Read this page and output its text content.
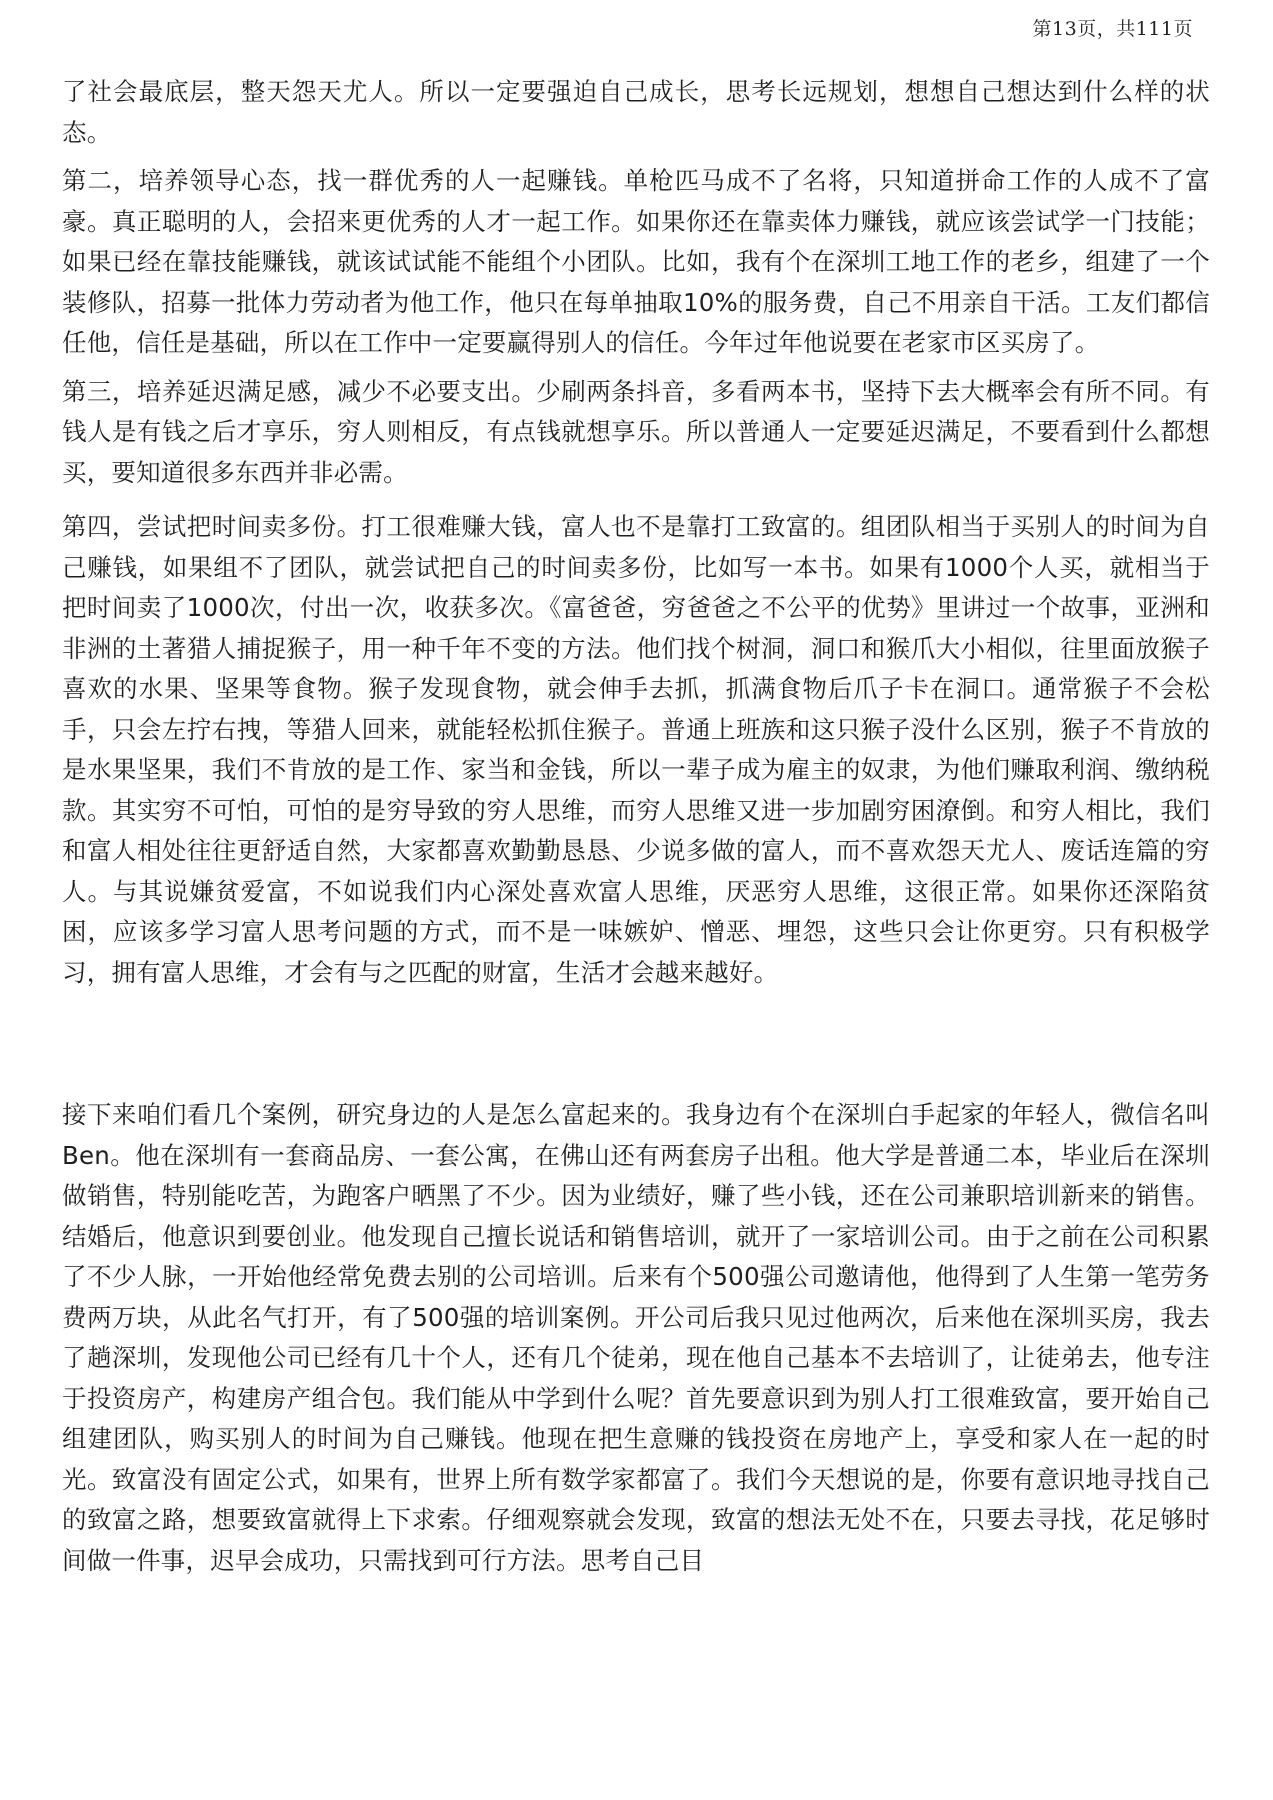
第13页，共111页

了社会最底层，整天怨天尤人。所以一定要强迫自己成长，思考长远规划，想想自己想达到什么样的状态。

第二，培养领导心态，找一群优秀的人一起赚钱。单枪匹马成不了名将，只知道拼命工作的人成不了富豪。真正聪明的人，会招来更优秀的人才一起工作。如果你还在靠卖体力赚钱，就应该尝试学一门技能；如果已经在靠技能赚钱，就该试试能不能组个小团队。比如，我有个在深圳工地工作的老乡，组建了一个装修队，招募一批体力劳动者为他工作，他只在每单抽取10%的服务费，自己不用亲自干活。工友们都信任他，信任是基础，所以在工作中一定要赢得别人的信任。今年过年他说要在老家市区买房了。

第三，培养延迟满足感，减少不必要支出。少刷两条抖音，多看两本书，坚持下去大概率会有所不同。有钱人是有钱之后才享乐，穷人则相反，有点钱就想享乐。所以普通人一定要延迟满足，不要看到什么都想买，要知道很多东西并非必需。

第四，尝试把时间卖多份。打工很难赚大钱，富人也不是靠打工致富的。组团队相当于买别人的时间为自己赚钱，如果组不了团队，就尝试把自己的时间卖多份，比如写一本书。如果有1000个人买，就相当于把时间卖了1000次，付出一次，收获多次。《富爸爸，穷爸爸之不公平的优势》里讲过一个故事，亚洲和非洲的土著猎人捕捉猴子，用一种千年不变的方法。他们找个树洞，洞口和猴爪大小相似，往里面放猴子喜欢的水果、坚果等食物。猴子发现食物，就会伸手去抓，抓满食物后爪子卡在洞口。通常猴子不会松手，只会左拧右拽，等猎人回来，就能轻松抓住猴子。普通上班族和这只猴子没什么区别，猴子不肯放的是水果坚果，我们不肯放的是工作、家当和金钱，所以一辈子成为雇主的奴隶，为他们赚取利润、缴纳税款。其实穷不可怕，可怕的是穷导致的穷人思维，而穷人思维又进一步加剧穷困潦倒。和穷人相比，我们和富人相处往往更舒适自然，大家都喜欢勤勤恳恳、少说多做的富人，而不喜欢怨天尤人、废话连篇的穷人。与其说嫌贫爱富，不如说我们内心深处喜欢富人思维，厌恶穷人思维，这很正常。如果你还深陷贫困，应该多学习富人思考问题的方式，而不是一味嫉妒、憎恶、埋怨，这些只会让你更穷。只有积极学习，拥有富人思维，才会有与之匹配的财富，生活才会越来越好。

接下来咱们看几个案例，研究身边的人是怎么富起来的。我身边有个在深圳白手起家的年轻人，微信名叫Ben。他在深圳有一套商品房、一套公寓，在佛山还有两套房子出租。他大学是普通二本，毕业后在深圳做销售，特别能吃苦，为跑客户晒黑了不少。因为业绩好，赚了些小钱，还在公司兼职培训新来的销售。结婚后，他意识到要创业。他发现自己擅长说话和销售培训，就开了一家培训公司。由于之前在公司积累了不少人脉，一开始他经常免费去别的公司培训。后来有个500强公司邀请他，他得到了人生第一笔劳务费两万块，从此名气打开，有了500强的培训案例。开公司后我只见过他两次，后来他在深圳买房，我去了趟深圳，发现他公司已经有几十个人，还有几个徒弟，现在他自己基本不去培训了，让徒弟去，他专注于投资房产，构建房产组合包。我们能从中学到什么呢？首先要意识到为别人打工很难致富，要开始自己组建团队，购买别人的时间为自己赚钱。他现在把生意赚的钱投资在房地产上，享受和家人在一起的时光。致富没有固定公式，如果有，世界上所有数学家都富了。我们今天想说的是，你要有意识地寻找自己的致富之路，想要致富就得上下求索。仔细观察就会发现，致富的想法无处不在，只要去寻找，花足够时间做一件事，迟早会成功，只需找到可行方法。思考自己目
